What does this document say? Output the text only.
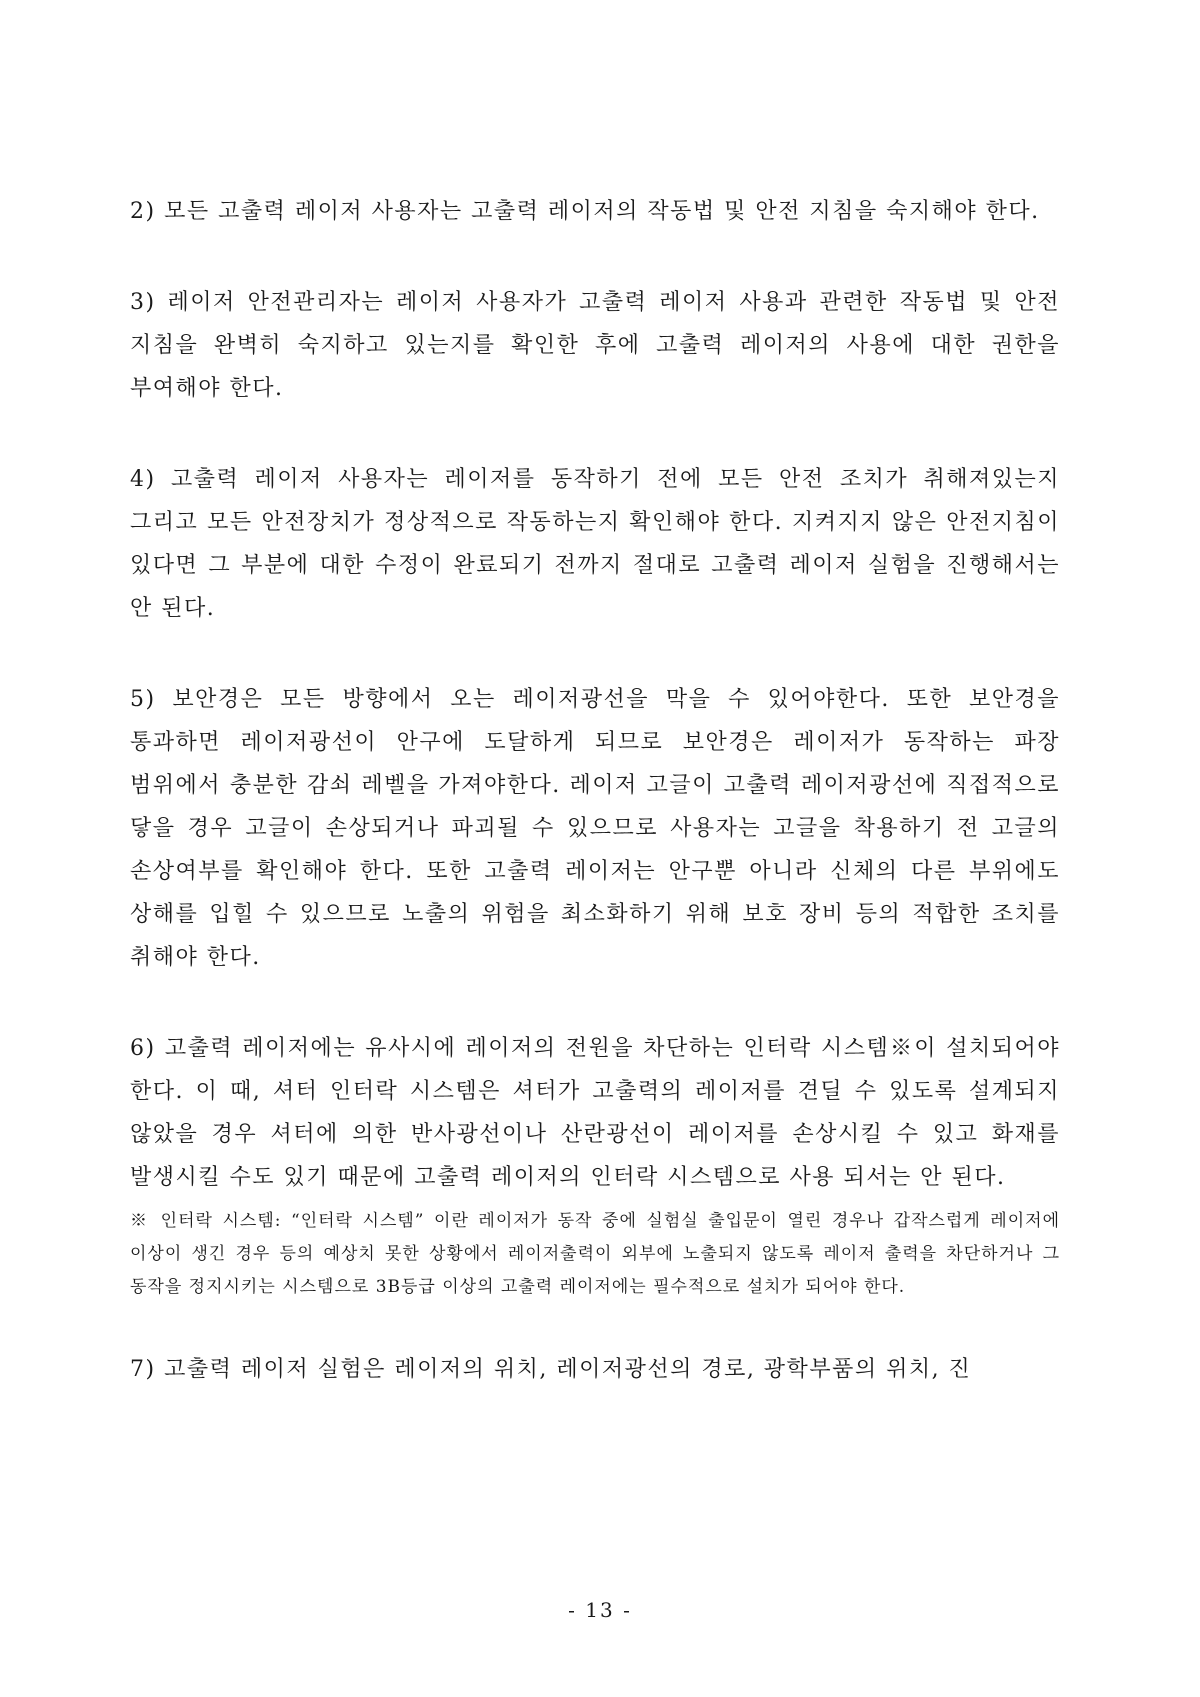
2) 모든 고출력 레이저 사용자는 고출력 레이저의 작동법 및 안전 지침을 숙지해야 한다.

3) 레이저 안전관리자는 레이저 사용자가 고출력 레이저 사용과 관련한 작동법 및 안전 지침을 완벽히 숙지하고 있는지를 확인한 후에 고출력 레이저의 사용에 대한 권한을 부여해야 한다.

4) 고출력 레이저 사용자는 레이저를 동작하기 전에 모든 안전 조치가 취해져있는지 그리고 모든 안전장치가 정상적으로 작동하는지 확인해야 한다. 지켜지지 않은 안전지침이 있다면 그 부분에 대한 수정이 완료되기 전까지 절대로 고출력 레이저 실험을 진행해서는 안 된다.

5) 보안경은 모든 방향에서 오는 레이저광선을 막을 수 있어야한다. 또한 보안경을 통과하면 레이저광선이 안구에 도달하게 되므로 보안경은 레이저가 동작하는 파장 범위에서 충분한 감쇠 레벨을 가져야한다. 레이저 고글이 고출력 레이저광선에 직접적으로 닿을 경우 고글이 손상되거나 파괴될 수 있으므로 사용자는 고글을 착용하기 전 고글의 손상여부를 확인해야 한다. 또한 고출력 레이저는 안구뿐 아니라 신체의 다른 부위에도 상해를 입힐 수 있으므로 노출의 위험을 최소화하기 위해 보호 장비 등의 적합한 조치를 취해야 한다.

6) 고출력 레이저에는 유사시에 레이저의 전원을 차단하는 인터락 시스템※이 설치되어야 한다. 이 때, 셔터 인터락 시스템은 셔터가 고출력의 레이저를 견딜 수 있도록 설계되지 않았을 경우 셔터에 의한 반사광선이나 산란광선이 레이저를 손상시킬 수 있고 화재를 발생시킬 수도 있기 때문에 고출력 레이저의 인터락 시스템으로 사용 되서는 안 된다.

※ 인터락 시스템: “인터락 시스템” 이란 레이저가 동작 중에 실험실 출입문이 열린 경우나 갑작스럽게 레이저에 이상이 생긴 경우 등의 예상치 못한 상황에서 레이저출력이 외부에 노출되지 않도록 레이저 출력을 차단하거나 그 동작을 정지시키는 시스템으로 3B등급 이상의 고출력 레이저에는 필수적으로 설치가 되어야 한다.

7) 고출력 레이저 실험은 레이저의 위치, 레이저광선의 경로, 광학부품의 위치, 진

- 13 -
